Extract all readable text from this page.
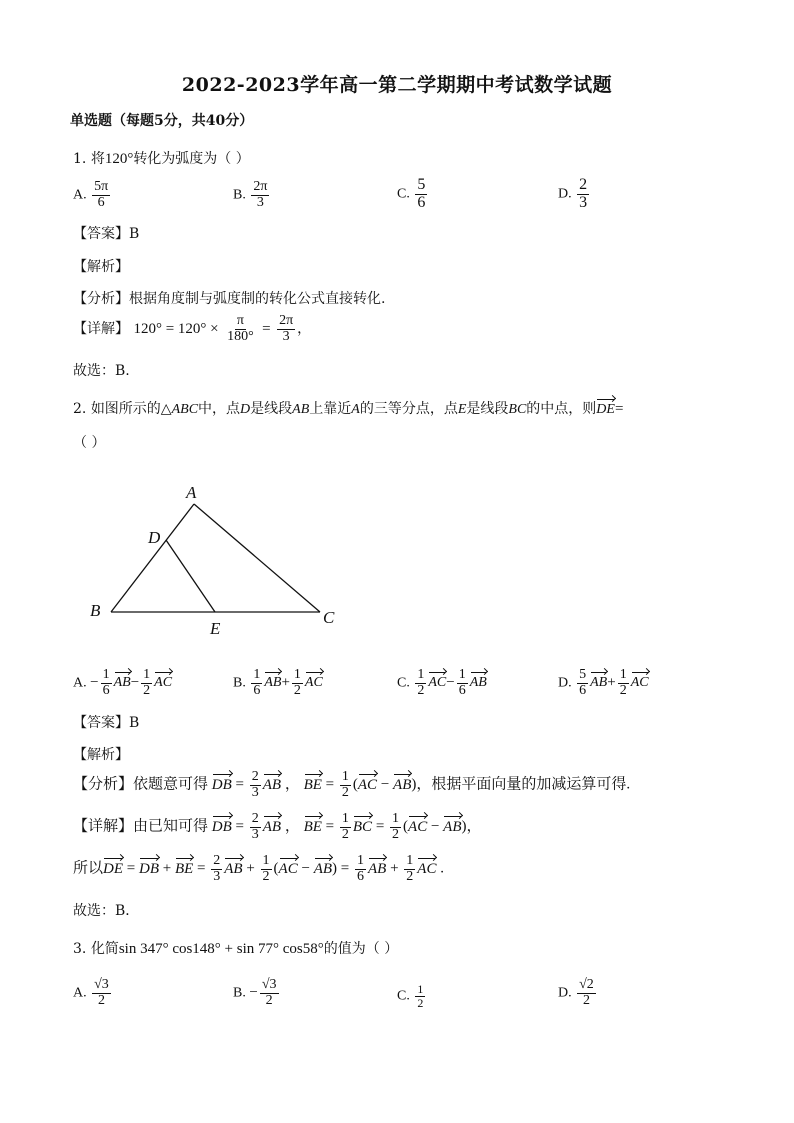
2022-2023学年高一第二学期期中考试数学试题
单选题（每题5分，共40分）
1. 将120°转化为弧度为（ ）
A. $\frac{5\pi}{6}$	B. $\frac{2\pi}{3}$	C. $\frac{5}{6}$	D. $\frac{2}{3}$
【答案】B
【解析】
【分析】根据角度制与弧度制的转化公式直接转化.
【详解】 $120^\circ = 120^\circ \times \frac{\pi}{180^\circ} = \frac{2\pi}{3}$ ，
故选：B.
2. 如图所示的△ABC中，点D是线段AB上靠近A的三等分点，点E是线段BC的中点，则DE=
（ ）
A
D
B
E
C
A. − $\frac{1}{6} AB- \frac{1}{2}$ AC	B. $\frac{1}{6} AB+ \frac{1}{2}$ AC	C. $\frac{1}{2} AC- \frac{1}{6}$ AB	D. $\frac{5}{6} AB+ \frac{1}{2}$ AC
【答案】B
【解析】
【分析】依题意可得 DB = $\frac{2}{3}$ AB ， BE = $\frac{1}{2} (AC - AB)$，根据平面向量的加减运算可得.
【详解】由已知可得 DB = $\frac{2}{3}$ AB ， BE = $\frac{1}{2}$ BC = $\frac{1}{2} (AC - AB)$，
所以DE = DB + BE = $\frac{2}{3}$ AB + $\frac{1}{2} (AC - AB) = \frac{1}{6}$ AB + $\frac{1}{2}$ AC .
故选：B．
3. 化简sin 347° cos148° + sin 77° cos58°的值为（ ）
A. $\frac{√3}{2}$	B. − $\frac{√3}{2}$	C. $\frac{1}{2}$	D. $\frac{√2}{2}$
